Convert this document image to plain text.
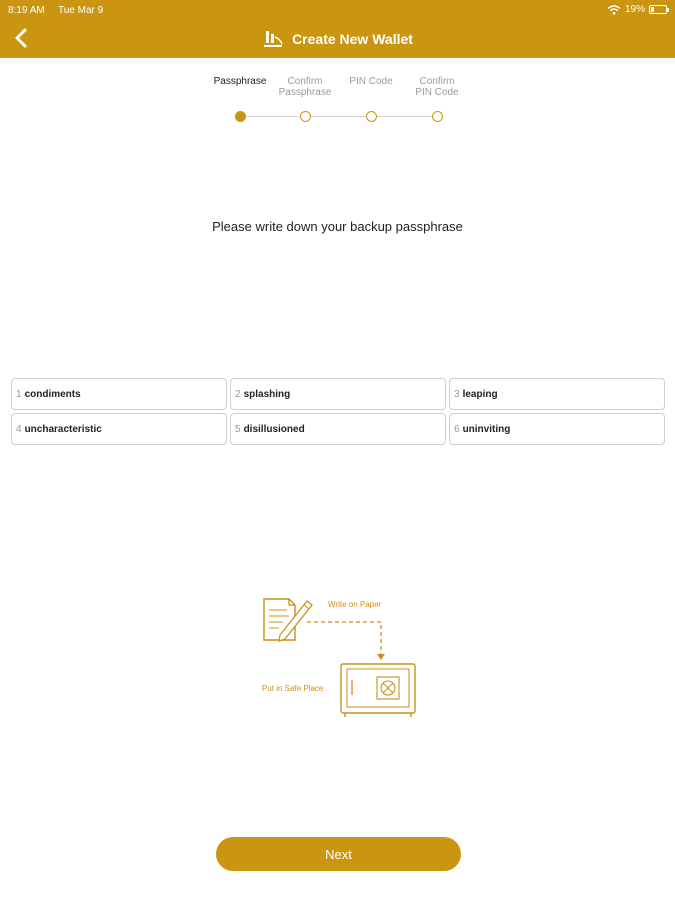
8:19 AM Tue Mar 9	19%
Create New Wallet
Passphrase	Confirm
Passphrase
PIN Code	Confirm
PIN Code
Please write down your backup passphrase
1 condiments	2 splashing	3 leaping
4 uncharacteristic	5 disillusioned	6 uninviting
Write on Paper
Put in Safe Place
Next
